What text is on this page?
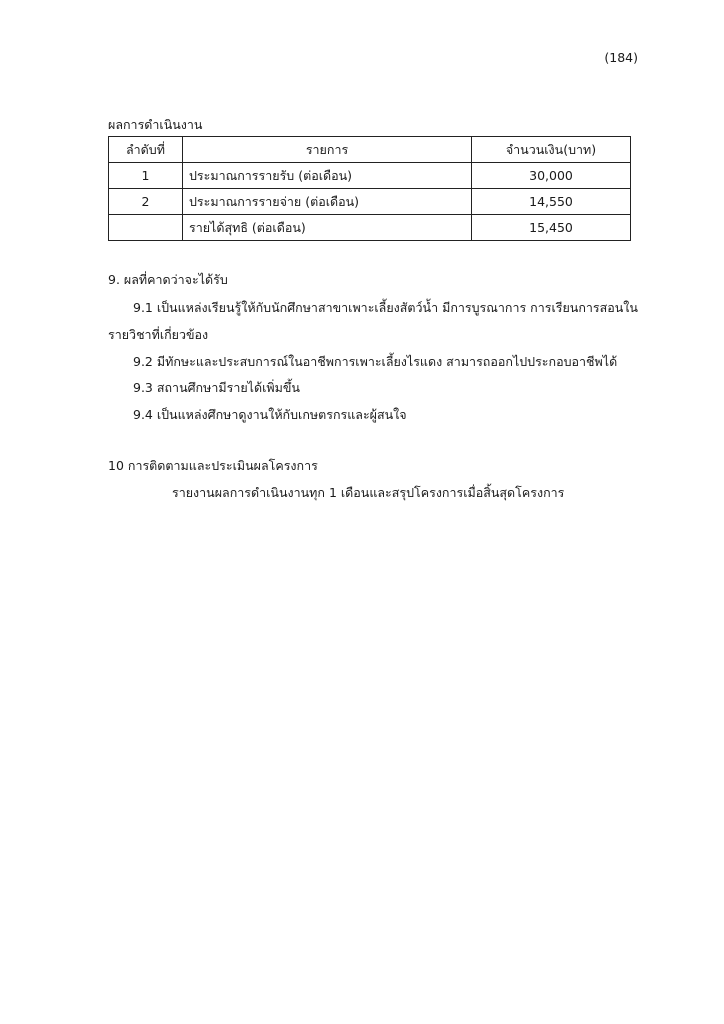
(184)
ผลการดำเนินงาน
ลำดับที่	รายการ	จำนวนเงิน(บาท)
1	ประมาณการรายรับ (ต่อเดือน)	30,000
2	ประมาณการรายจ่าย (ต่อเดือน)	14,550
	รายได้สุทธิ (ต่อเดือน)	15,450
9. ผลที่คาดว่าจะได้รับ
9.1 เป็นแหล่งเรียนรู้ให้กับนักศึกษาสาขาเพาะเลี้ยงสัตว์น้ำ มีการบูรณาการ การเรียนการสอนใน
รายวิชาที่เกี่ยวข้อง
9.2 มีทักษะและประสบการณ์ในอาชีพการเพาะเลี้ยงไรแดง สามารถออกไปประกอบอาชีพได้
9.3 สถานศึกษามีรายได้เพิ่มขึ้น
9.4 เป็นแหล่งศึกษาดูงานให้กับเกษตรกรและผู้สนใจ
10 การติดตามและประเมินผลโครงการ
รายงานผลการดำเนินงานทุก 1 เดือนและสรุปโครงการเมื่อสิ้นสุดโครงการ
